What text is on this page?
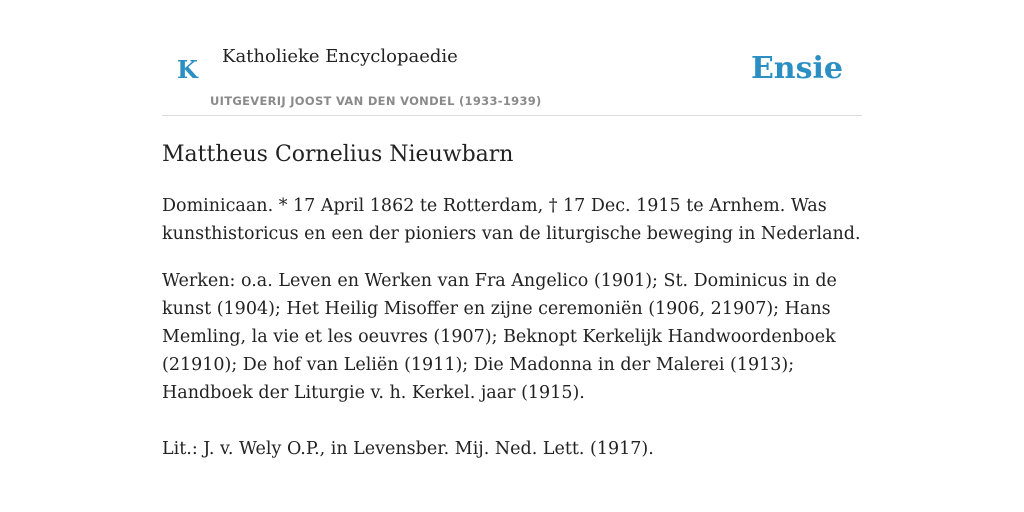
K Katholieke Encyclopaedie
UITGEVERIJ JOOST VAN DEN VONDEL (1933-1939)
Ensie
Mattheus Cornelius Nieuwbarn

Dominicaan. * 17 April 1862 te Rotterdam, † 17 Dec. 1915 te Arnhem. Was kunsthistoricus en een der pioniers van de liturgische beweging in Nederland.

Werken: o.a. Leven en Werken van Fra Angelico (1901); St. Dominicus in de kunst (1904); Het Heilig Misoffer en zijne ceremoniën (1906, 21907); Hans Memling, la vie et les oeuvres (1907); Beknopt Kerkelijk Handwoordenboek (21910); De hof van Leliën (1911); Die Madonna in der Malerei (1913); Handboek der Liturgie v. h. Kerkel. jaar (1915).

Lit.: J. v. Wely O.P., in Levensber. Mij. Ned. Lett. (1917).
